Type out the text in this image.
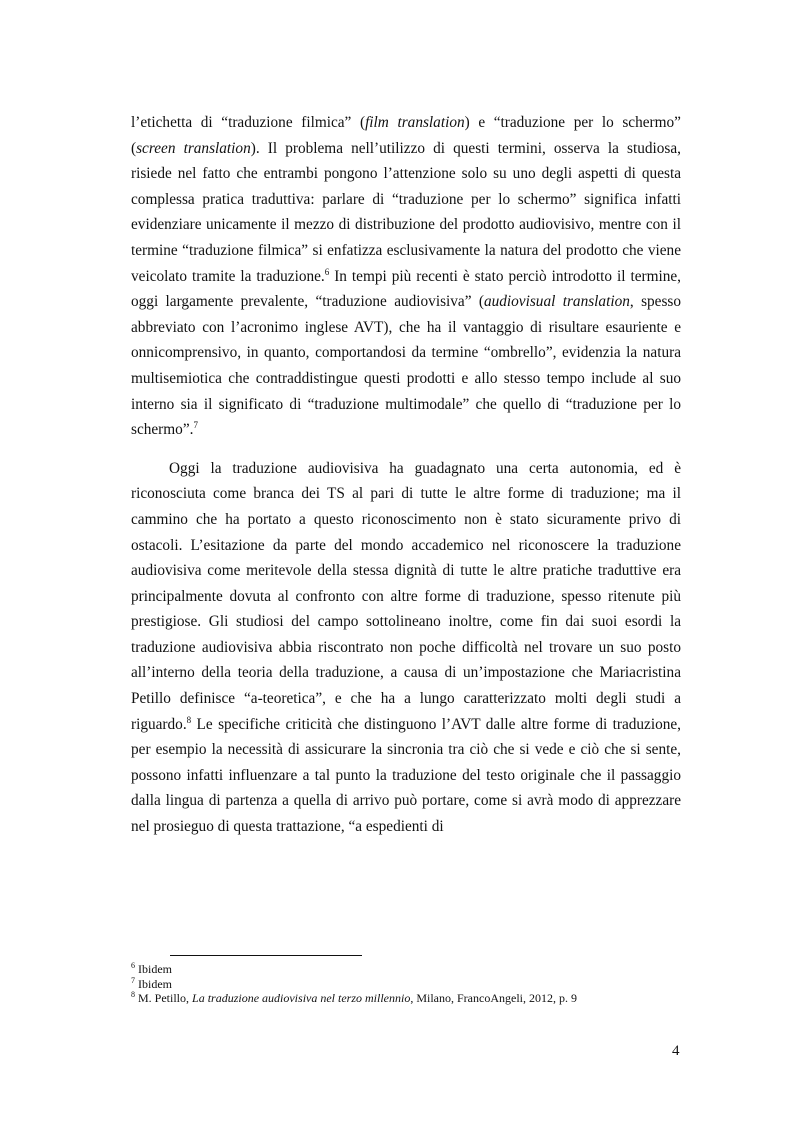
l’etichetta di “traduzione filmica” (film translation) e “traduzione per lo schermo” (screen translation). Il problema nell’utilizzo di questi termini, osserva la studiosa, risiede nel fatto che entrambi pongono l’attenzione solo su uno degli aspetti di questa complessa pratica traduttiva: parlare di “traduzione per lo schermo” significa infatti evidenziare unicamente il mezzo di distribuzione del prodotto audiovisivo, mentre con il termine “traduzione filmica” si enfatizza esclusivamente la natura del prodotto che viene veicolato tramite la traduzione.$^6$ In tempi più recenti è stato perciò introdotto il termine, oggi largamente prevalente, “traduzione audiovisiva” (audiovisual translation, spesso abbreviato con l’acronimo inglese AVT), che ha il vantaggio di risultare esauriente e onnicomprensivo, in quanto, comportandosi da termine “ombrello”, evidenzia la natura multisemiotica che contraddistingue questi prodotti e allo stesso tempo include al suo interno sia il significato di “traduzione multimodale” che quello di “traduzione per lo schermo”.$^7$

Oggi la traduzione audiovisiva ha guadagnato una certa autonomia, ed è riconosciuta come branca dei TS al pari di tutte le altre forme di traduzione; ma il cammino che ha portato a questo riconoscimento non è stato sicuramente privo di ostacoli. L’esitazione da parte del mondo accademico nel riconoscere la traduzione audiovisiva come meritevole della stessa dignità di tutte le altre pratiche traduttive era principalmente dovuta al confronto con altre forme di traduzione, spesso ritenute più prestigiose. Gli studiosi del campo sottolineano inoltre, come fin dai suoi esordi la traduzione audiovisiva abbia riscontrato non poche difficoltà nel trovare un suo posto all’interno della teoria della traduzione, a causa di un’impostazione che Mariacristina Petillo definisce “a-teoretica”, e che ha a lungo caratterizzato molti degli studi a riguardo.$^8$ Le specifiche criticità che distinguono l’AVT dalle altre forme di traduzione, per esempio la necessità di assicurare la sincronia tra ciò che si vede e ciò che si sente, possono infatti influenzare a tal punto la traduzione del testo originale che il passaggio dalla lingua di partenza a quella di arrivo può portare, come si avrà modo di apprezzare nel prosieguo di questa trattazione, “a espedienti di

$^6$ Ibidem
$^7$ Ibidem
$^8$ M. Petillo, La traduzione audiovisiva nel terzo millennio, Milano, FrancoAngeli, 2012, p. 9
4
